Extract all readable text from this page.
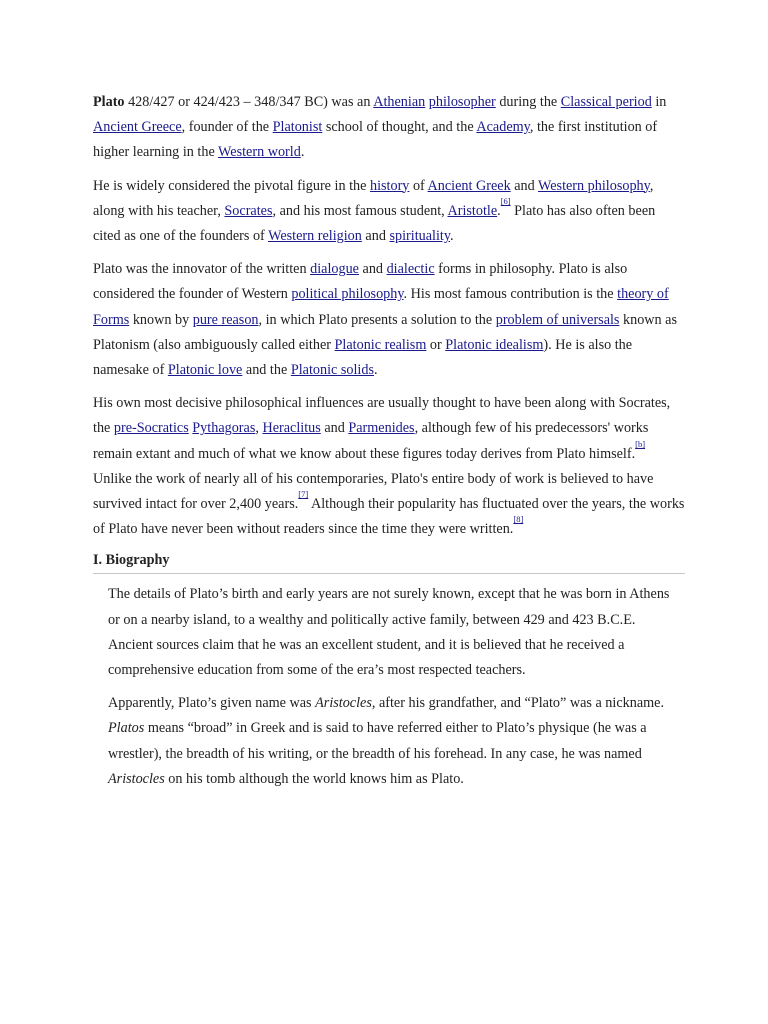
Plato 428/427 or 424/423 – 348/347 BC) was an Athenian philosopher during the Classical period in Ancient Greece, founder of the Platonist school of thought, and the Academy, the first institution of higher learning in the Western world.

He is widely considered the pivotal figure in the history of Ancient Greek and Western philosophy, along with his teacher, Socrates, and his most famous student, Aristotle.[6] Plato has also often been cited as one of the founders of Western religion and spirituality.

Plato was the innovator of the written dialogue and dialectic forms in philosophy. Plato is also considered the founder of Western political philosophy. His most famous contribution is the theory of Forms known by pure reason, in which Plato presents a solution to the problem of universals known as Platonism (also ambiguously called either Platonic realism or Platonic idealism). He is also the namesake of Platonic love and the Platonic solids.

His own most decisive philosophical influences are usually thought to have been along with Socrates, the pre-Socratics Pythagoras, Heraclitus and Parmenides, although few of his predecessors' works remain extant and much of what we know about these figures today derives from Plato himself.[b] Unlike the work of nearly all of his contemporaries, Plato's entire body of work is believed to have survived intact for over 2,400 years.[7] Although their popularity has fluctuated over the years, the works of Plato have never been without readers since the time they were written.[8]

I. Biography

The details of Plato’s birth and early years are not surely known, except that he was born in Athens or on a nearby island, to a wealthy and politically active family, between 429 and 423 B.C.E. Ancient sources claim that he was an excellent student, and it is believed that he received a comprehensive education from some of the era’s most respected teachers.

Apparently, Plato’s given name was Aristocles, after his grandfather, and “Plato” was a nickname. Platos means “broad” in Greek and is said to have referred either to Plato’s physique (he was a wrestler), the breadth of his writing, or the breadth of his forehead. In any case, he was named Aristocles on his tomb although the world knows him as Plato.
